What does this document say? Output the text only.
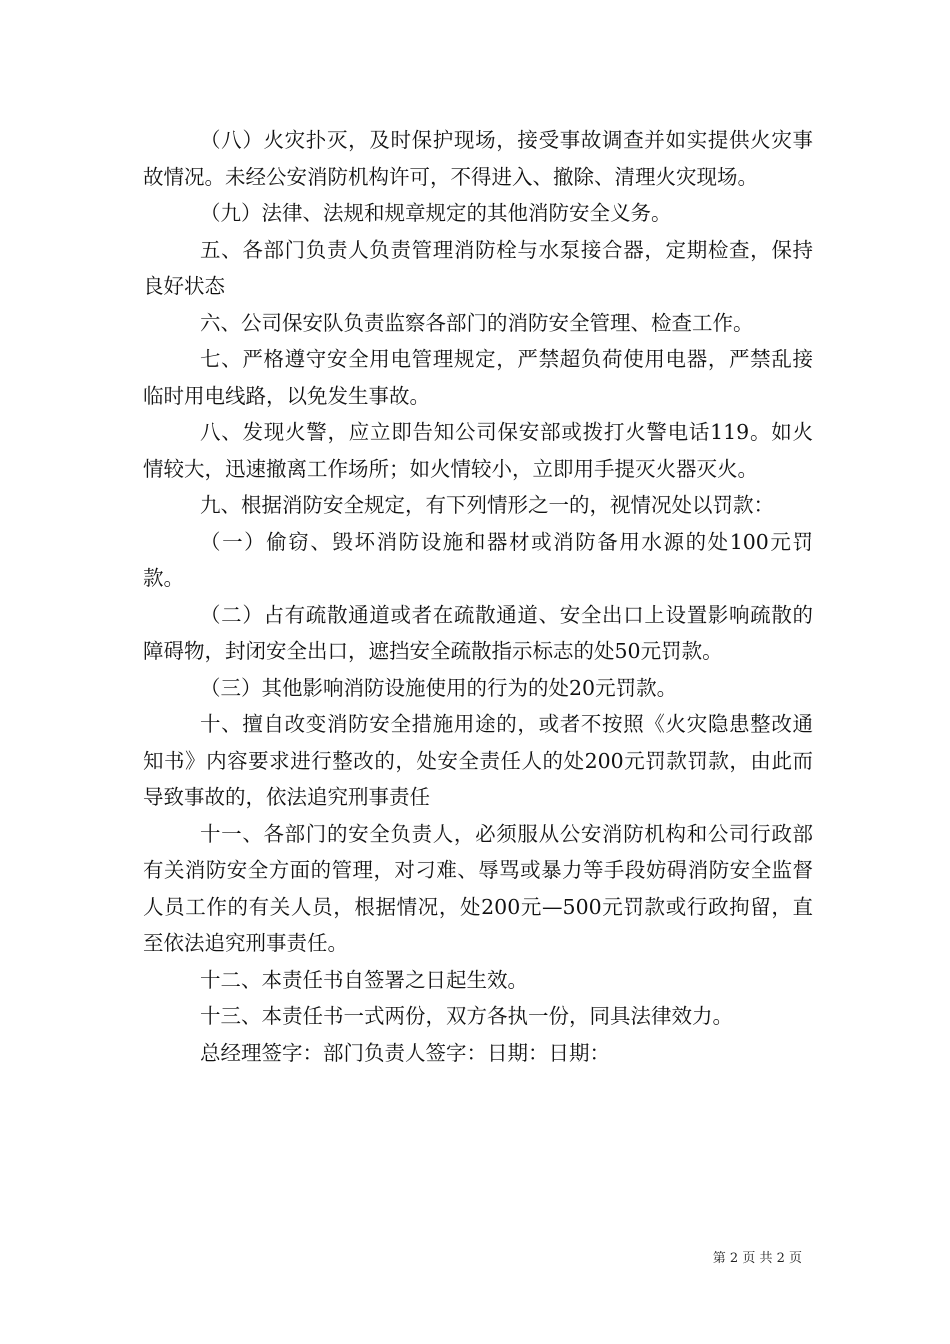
（八）火灾扑灭，及时保护现场，接受事故调查并如实提供火灾事故情况。未经公安消防机构许可，不得进入、撤除、清理火灾现场。

（九）法律、法规和规章规定的其他消防安全义务。

五、各部门负责人负责管理消防栓与水泵接合器，定期检查，保持良好状态

六、公司保安队负责监察各部门的消防安全管理、检查工作。

七、严格遵守安全用电管理规定，严禁超负荷使用电器，严禁乱接临时用电线路，以免发生事故。

八、发现火警，应立即告知公司保安部或拨打火警电话119。如火情较大，迅速撤离工作场所；如火情较小，立即用手提灭火器灭火。

九、根据消防安全规定，有下列情形之一的，视情况处以罚款：

（一）偷窃、毁坏消防设施和器材或消防备用水源的处100元罚款。

（二）占有疏散通道或者在疏散通道、安全出口上设置影响疏散的障碍物，封闭安全出口，遮挡安全疏散指示标志的处50元罚款。

（三）其他影响消防设施使用的行为的处20元罚款。

十、擅自改变消防安全措施用途的，或者不按照《火灾隐患整改通知书》内容要求进行整改的，处安全责任人的处200元罚款罚款，由此而导致事故的，依法追究刑事责任

十一、各部门的安全负责人，必须服从公安消防机构和公司行政部有关消防安全方面的管理，对刁难、辱骂或暴力等手段妨碍消防安全监督人员工作的有关人员，根据情况，处200元—500元罚款或行政拘留，直至依法追究刑事责任。

十二、本责任书自签署之日起生效。

十三、本责任书一式两份，双方各执一份，同具法律效力。

总经理签字：部门负责人签字：日期：日期：

第 2 页 共 2 页
